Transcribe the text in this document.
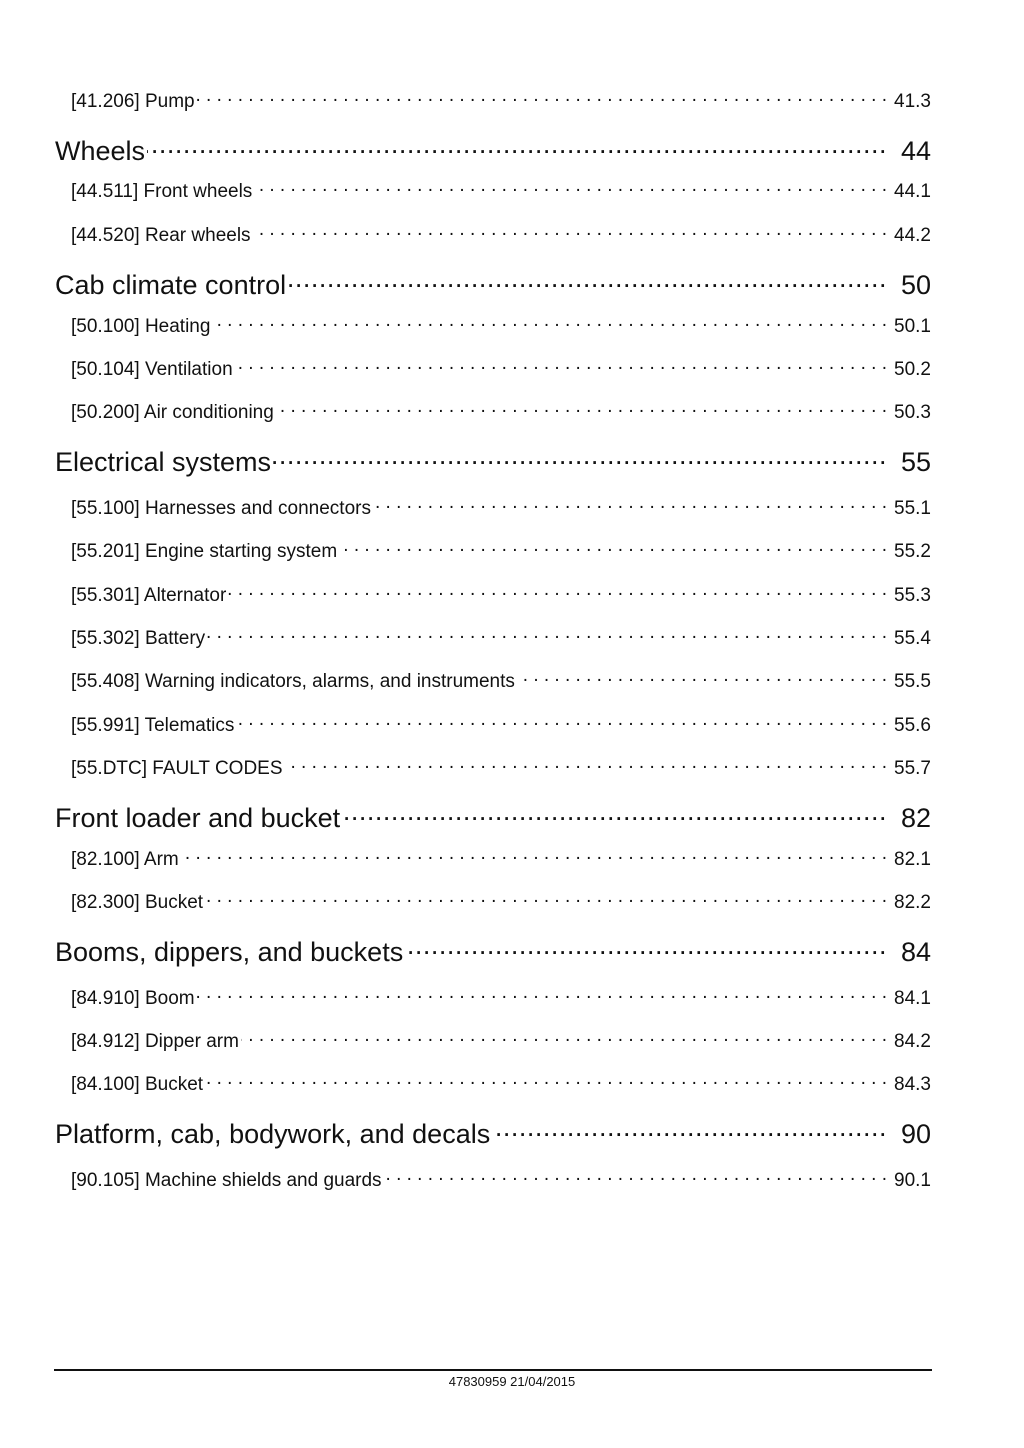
[41.206] Pump . . .	41.3
Wheels .....	44
[44.511] Front wheels . . .	44.1
[44.520] Rear wheels . . .	44.2
Cab climate control .....	50
[50.100] Heating . . .	50.1
[50.104] Ventilation . . .	50.2
[50.200] Air conditioning . . .	50.3
Electrical systems .....	55
[55.100] Harnesses and connectors . . .	55.1
[55.201] Engine starting system . . .	55.2
[55.301] Alternator . . .	55.3
[55.302] Battery . . .	55.4
[55.408] Warning indicators, alarms, and instruments . . .	55.5
[55.991] Telematics . . .	55.6
[55.DTC] FAULT CODES . . .	55.7
Front loader and bucket .....	82
[82.100] Arm . . .	82.1
[82.300] Bucket . . .	82.2
Booms, dippers, and buckets .....	84
[84.910] Boom . . .	84.1
[84.912] Dipper arm . . .	84.2
[84.100] Bucket . . .	84.3
Platform, cab, bodywork, and decals .....	90
[90.105] Machine shields and guards . . .	90.1
47830959 21/04/2015
